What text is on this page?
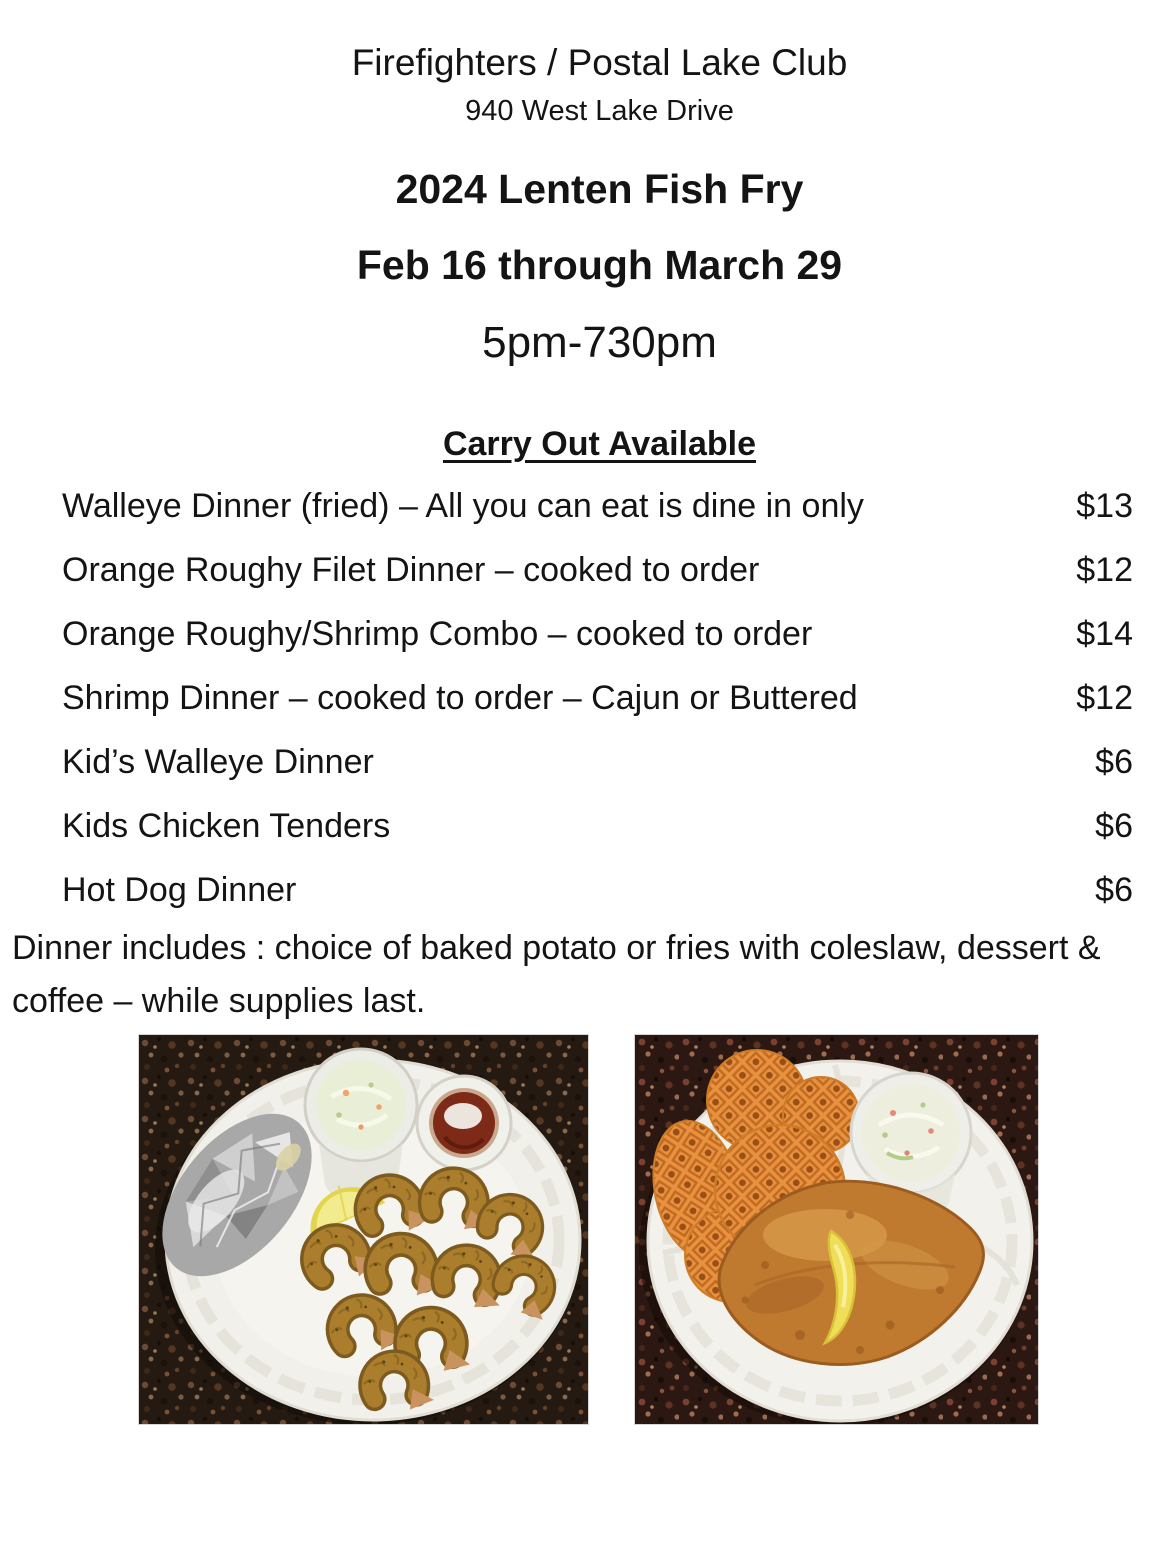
Firefighters / Postal Lake Club
940 West Lake Drive
2024 Lenten Fish Fry
Feb 16 through March 29
5pm-730pm
Carry Out Available
Walleye Dinner (fried) – All you can eat is dine in only	$13
Orange Roughy Filet Dinner – cooked to order	$12
Orange Roughy/Shrimp Combo – cooked to order	$14
Shrimp Dinner – cooked to order – Cajun or Buttered	$12
Kid’s Walleye Dinner	$6
Kids Chicken Tenders	$6
Hot Dog Dinner	$6
Dinner includes : choice of baked potato or fries with coleslaw, dessert & coffee – while supplies last.
